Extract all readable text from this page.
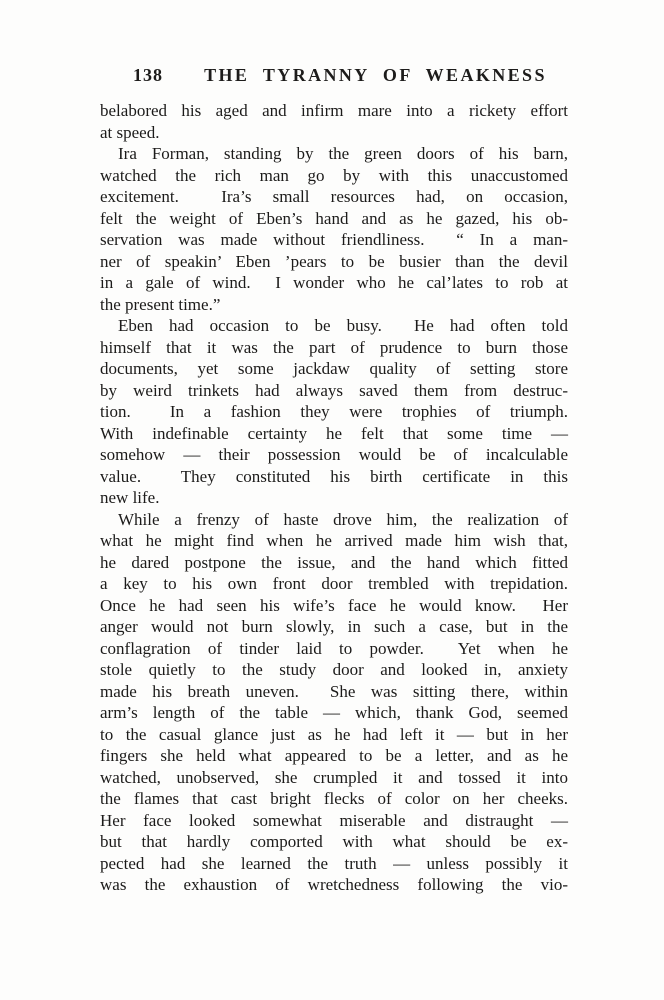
138	THE TYRANNY OF WEAKNESS
belabored his aged and infirm mare into a rickety effort
at speed.
Ira Forman, standing by the green doors of his barn,
watched the rich man go by with this unaccustomed
excitement.  Ira’s small resources had, on occasion,
felt the weight of Eben’s hand and as he gazed, his ob-
servation was made without friendliness.  “ In a man-
ner of speakin’ Eben ’pears to be busier than the devil
in a gale of wind.  I wonder who he cal’lates to rob at
the present time.”
Eben had occasion to be busy.  He had often told
himself that it was the part of prudence to burn those
documents, yet some jackdaw quality of setting store
by weird trinkets had always saved them from destruc-
tion.  In a fashion they were trophies of triumph.
With indefinable certainty he felt that some time —
somehow — their possession would be of incalculable
value.  They constituted his birth certificate in this
new life.
While a frenzy of haste drove him, the realization of
what he might find when he arrived made him wish that,
he dared postpone the issue, and the hand which fitted
a key to his own front door trembled with trepidation.
Once he had seen his wife’s face he would know.  Her
anger would not burn slowly, in such a case, but in the
conflagration of tinder laid to powder.  Yet when he
stole quietly to the study door and looked in, anxiety
made his breath uneven.  She was sitting there, within
arm’s length of the table — which, thank God, seemed
to the casual glance just as he had left it — but in her
fingers she held what appeared to be a letter, and as he
watched, unobserved, she crumpled it and tossed it into
the flames that cast bright flecks of color on her cheeks.
Her face looked somewhat miserable and distraught —
but that hardly comported with what should be ex-
pected had she learned the truth — unless possibly it
was the exhaustion of wretchedness following the vio-
